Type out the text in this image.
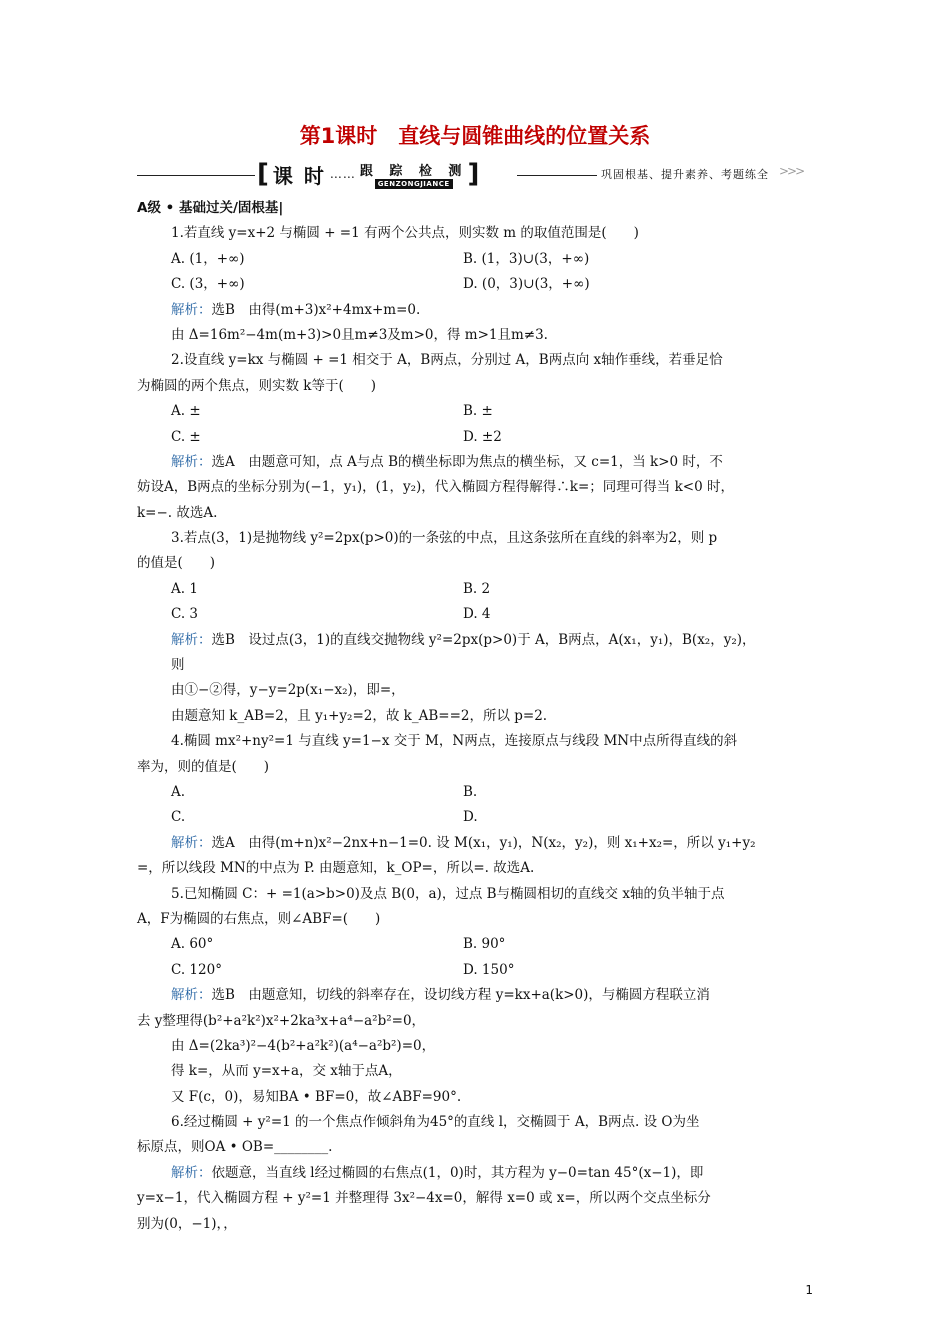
第1课时　直线与圆锥曲线的位置关系
[ 课 时 …… 跟 踪 检 测
GENZONGJIANCE ]	巩固根基、提升素养、考题练全 >>>
A级 • 基础过关/固根基|
1.若直线 y=x+2 与椭圆 + =1 有两个公共点，则实数 m 的取值范围是(　　)
A. (1，+∞)	B. (1，3)∪(3，+∞)
C. (3，+∞)	D. (0，3)∪(3，+∞)
解析：选B　由得(m+3)x²+4mx+m=0.
由 Δ=16m²−4m(m+3)>0且m≠3及m>0，得 m>1且m≠3.
2.设直线 y=kx 与椭圆 + =1 相交于 A，B两点，分别过 A，B两点向 x轴作垂线，若垂足恰
为椭圆的两个焦点，则实数 k等于(　　)
A. ±	B. ±
C. ±	D. ±2
解析：选A　由题意可知，点 A与点 B的横坐标即为焦点的横坐标，又 c=1，当 k>0 时，不
妨设A，B两点的坐标分别为(−1，y₁)，(1，y₂)，代入椭圆方程得解得∴k=；同理可得当 k<0 时，
k=−. 故选A.
3.若点(3，1)是抛物线 y²=2px(p>0)的一条弦的中点，且这条弦所在直线的斜率为2，则 p
的值是(　　)
A. 1	B. 2
C. 3	D. 4
解析：选B　设过点(3，1)的直线交抛物线 y²=2px(p>0)于 A，B两点，A(x₁，y₁)，B(x₂，y₂)，
则
由①−②得，y−y=2p(x₁−x₂)，即=，
由题意知 k_AB=2，且 y₁+y₂=2，故 k_AB==2，所以 p=2.
4.椭圆 mx²+ny²=1 与直线 y=1−x 交于 M，N两点，连接原点与线段 MN中点所得直线的斜
率为，则的值是(　　)
A.	B.
C.	D.
解析：选A　由得(m+n)x²−2nx+n−1=0. 设 M(x₁，y₁)，N(x₂，y₂)，则 x₁+x₂=，所以 y₁+y₂
=，所以线段 MN的中点为 P. 由题意知，k_OP=，所以=. 故选A.
5.已知椭圆 C：+ =1(a>b>0)及点 B(0，a)，过点 B与椭圆相切的直线交 x轴的负半轴于点
A，F为椭圆的右焦点，则∠ABF=(　　)
A. 60°	B. 90°
C. 120°	D. 150°
解析：选B　由题意知，切线的斜率存在，设切线方程 y=kx+a(k>0)，与椭圆方程联立消
去 y整理得(b²+a²k²)x²+2ka³x+a⁴−a²b²=0，
由 Δ=(2ka³)²−4(b²+a²k²)(a⁴−a²b²)=0，
得 k=，从而 y=x+a，交 x轴于点A，
又 F(c，0)，易知BA • BF=0，故∠ABF=90°.
6.经过椭圆 + y²=1 的一个焦点作倾斜角为45°的直线 l，交椭圆于 A，B两点. 设 O为坐
标原点，则OA • OB=________.
解析：依题意，当直线 l经过椭圆的右焦点(1，0)时，其方程为 y−0=tan 45°(x−1)，即
y=x−1，代入椭圆方程 + y²=1 并整理得 3x²−4x=0，解得 x=0 或 x=，所以两个交点坐标分
别为(0，−1)，，
1
